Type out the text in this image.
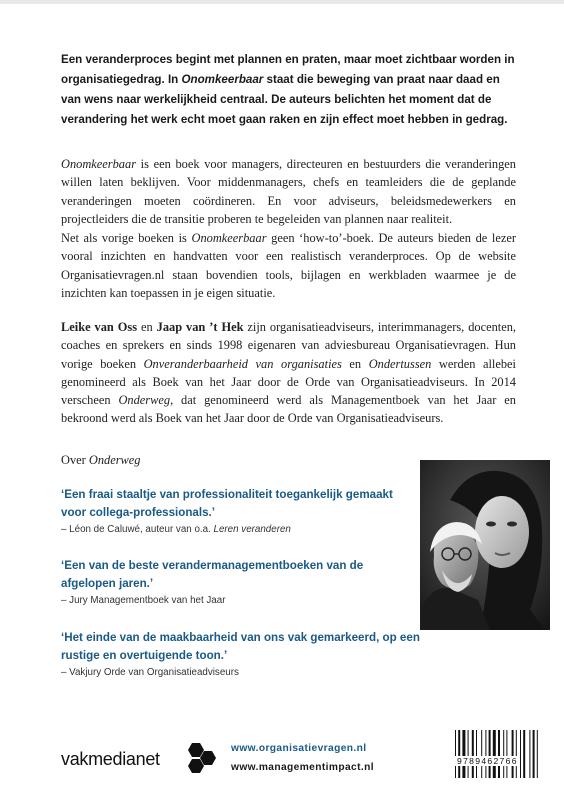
Een veranderproces begint met plannen en praten, maar moet zichtbaar worden in organisatiegedrag. In Onomkeerbaar staat die beweging van praat naar daad en van wens naar werkelijkheid centraal. De auteurs belichten het moment dat de verandering het werk echt moet gaan raken en zijn effect moet hebben in gedrag.

Onomkeerbaar is een boek voor managers, directeuren en bestuurders die veranderingen willen laten beklijven. Voor middenmanagers, chefs en teamleiders die de geplande veranderingen moeten coördineren. En voor adviseurs, beleidsmedewerkers en projectleiders die de transitie proberen te begeleiden van plannen naar realiteit.

Net als vorige boeken is Onomkeerbaar geen ‘how-to’-boek. De auteurs bieden de lezer vooral inzichten en handvatten voor een realistisch veranderproces. Op de website Organisatievragen.nl staan bovendien tools, bijlagen en werkbladen waarmee je de inzichten kan toepassen in je eigen situatie.

Leike van Oss en Jaap van ’t Hek zijn organisatieadviseurs, interimmanagers, docenten, coaches en sprekers en sinds 1998 eigenaren van adviesbureau Organisatievragen. Hun vorige boeken Onveranderbaarheid van organisaties en Ondertussen werden allebei genomineerd als Boek van het Jaar door de Orde van Organisatieadviseurs. In 2014 verscheen Onderweg, dat genomineerd werd als Managementboek van het Jaar en bekroond werd als Boek van het Jaar door de Orde van Organisatieadviseurs.

Over Onderweg

‘Een fraai staaltje van professionaliteit toegankelijk gemaakt voor collega-professionals.’

– Léon de Caluwé, auteur van o.a. Leren veranderen

‘Een van de beste verandermanagementboeken van de afgelopen jaren.’

– Jury Managementboek van het Jaar

‘Het einde van de maakbaarheid van ons vak gemarkeerd, op een rustige en overtuigende toon.’

– Vakjury Orde van Organisatieadviseurs

vakmedianet
www.organisatievragen.nl
www.managementimpact.nl
9789462766
